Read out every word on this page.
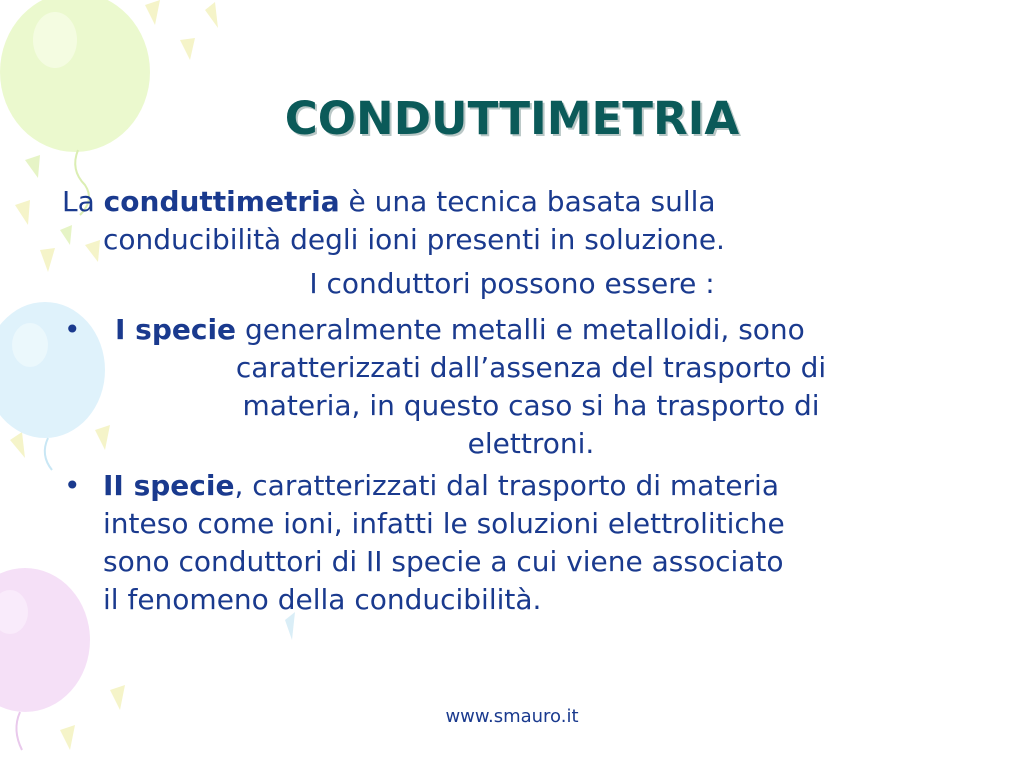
CONDUTTIMETRIA
La conduttimetria è una tecnica basata sulla
conducibilità degli ioni presenti in soluzione.
I conduttori possono essere :
• I specie generalmente metalli e metalloidi, sono
caratterizzati dall’assenza del trasporto di
materia, in questo caso si ha trasporto di
elettroni.
• II specie, caratterizzati dal trasporto di materia
inteso come ioni, infatti le soluzioni elettrolitiche
sono conduttori di II specie a cui viene associato
il fenomeno della conducibilità.
www.smauro.it
